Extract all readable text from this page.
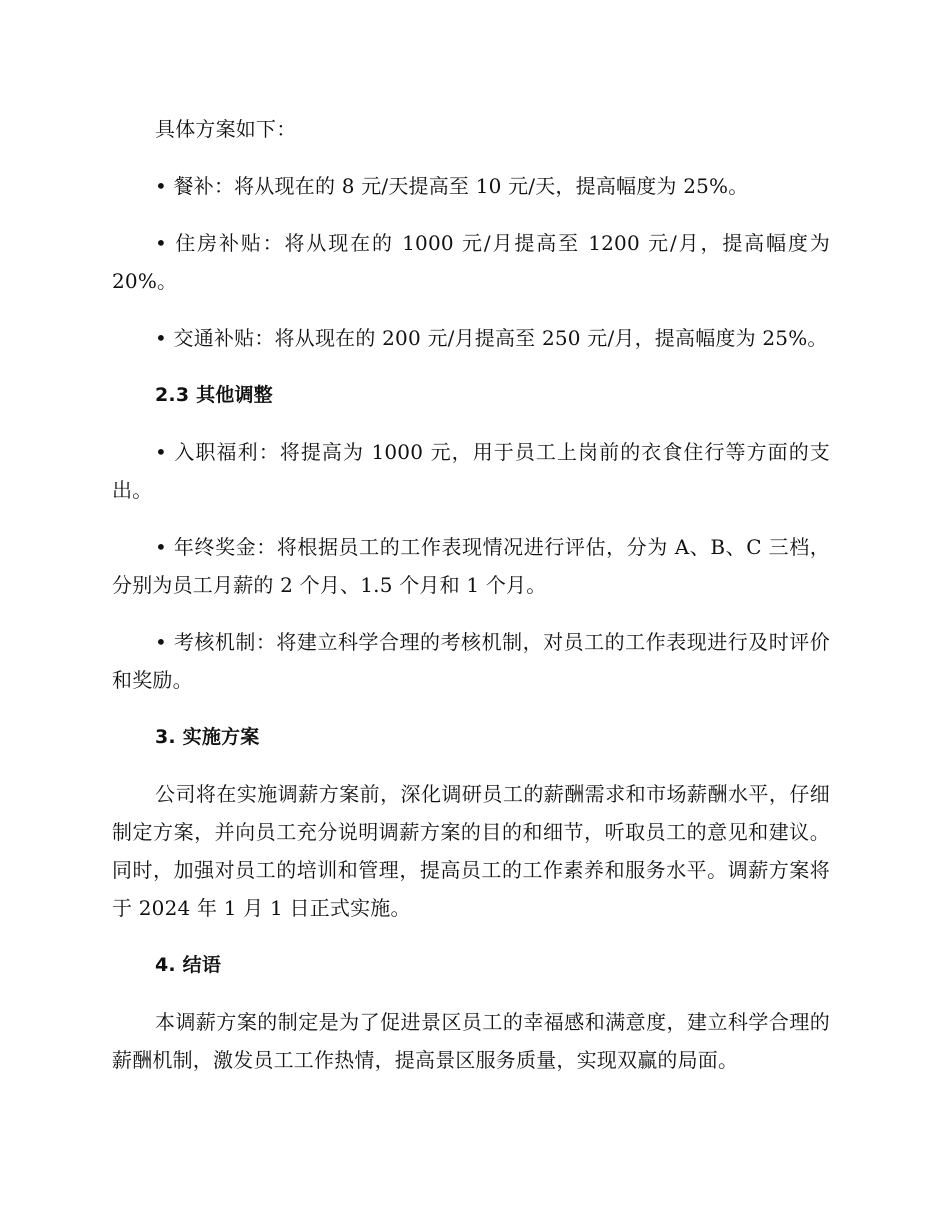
具体方案如下：

• 餐补：将从现在的 8 元/天提高至 10 元/天，提高幅度为 25%。

• 住房补贴：将从现在的 1000 元/月提高至 1200 元/月，提高幅度为 20%。

• 交通补贴：将从现在的 200 元/月提高至 250 元/月，提高幅度为 25%。

2.3 其他调整

• 入职福利：将提高为 1000 元，用于员工上岗前的衣食住行等方面的支出。

• 年终奖金：将根据员工的工作表现情况进行评估，分为 A、B、C 三档，分别为员工月薪的 2 个月、1.5 个月和 1 个月。

• 考核机制：将建立科学合理的考核机制，对员工的工作表现进行及时评价和奖励。

3. 实施方案

公司将在实施调薪方案前，深化调研员工的薪酬需求和市场薪酬水平，仔细制定方案，并向员工充分说明调薪方案的目的和细节，听取员工的意见和建议。同时，加强对员工的培训和管理，提高员工的工作素养和服务水平。调薪方案将于 2024 年 1 月 1 日正式实施。

4. 结语

本调薪方案的制定是为了促进景区员工的幸福感和满意度，建立科学合理的薪酬机制，激发员工工作热情，提高景区服务质量，实现双赢的局面。
